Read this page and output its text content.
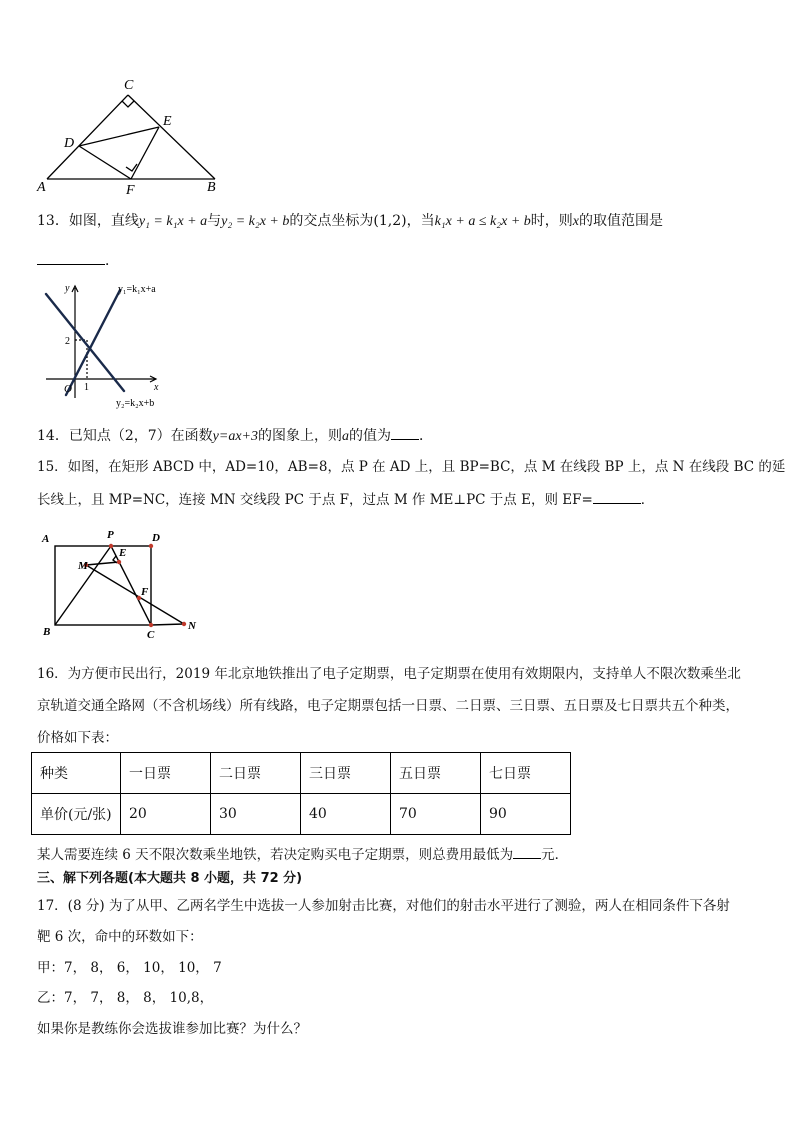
C
E
D
A	F	B
13．如图，直线y₁ = k₁x + a与y₂ = k₂x + b的交点坐标为(1,2)，当k₁x + a ≤ k₂x + b时，则x的取值范围是
．
y
x
O 1
2
y₁=k₁x+a
y₂=k₂x+b
14．已知点（2，7）在函数y=ax+3的图象上，则a的值为 ．
15．如图，在矩形 ABCD 中，AD=10，AB=8，点 P 在 AD 上，且 BP=BC，点 M 在线段 BP 上，点 N 在线段 BC 的延
长线上，且 MP=NC，连接 MN 交线段 PC 于点 F，过点 M 作 ME⊥PC 于点 E，则 EF=	．
A	P	D
E
M
F
B	C
N
16．为方便市民出行，2019 年北京地铁推出了电子定期票，电子定期票在使用有效期限内，支持单人不限次数乘坐北
京轨道交通全路网（不含机场线）所有线路，电子定期票包括一日票、二日票、三日票、五日票及七日票共五个种类，
价格如下表：
种类	一日票	二日票	三日票	五日票	七日票
单价(元/张)	20	30	40	70	90
某人需要连续 6 天不限次数乘坐地铁，若决定购买电子定期票，则总费用最低为 元．
三、解下列各题(本大题共 8 小题，共 72 分)
17．(8 分) 为了从甲、乙两名学生中选拔一人参加射击比赛，对他们的射击水平进行了测验，两人在相同条件下各射
靶 6 次，命中的环数如下：
甲：7， 8， 6， 10， 10， 7
乙：7， 7， 8， 8， 10,8，
如果你是教练你会选拔谁参加比赛？为什么？
